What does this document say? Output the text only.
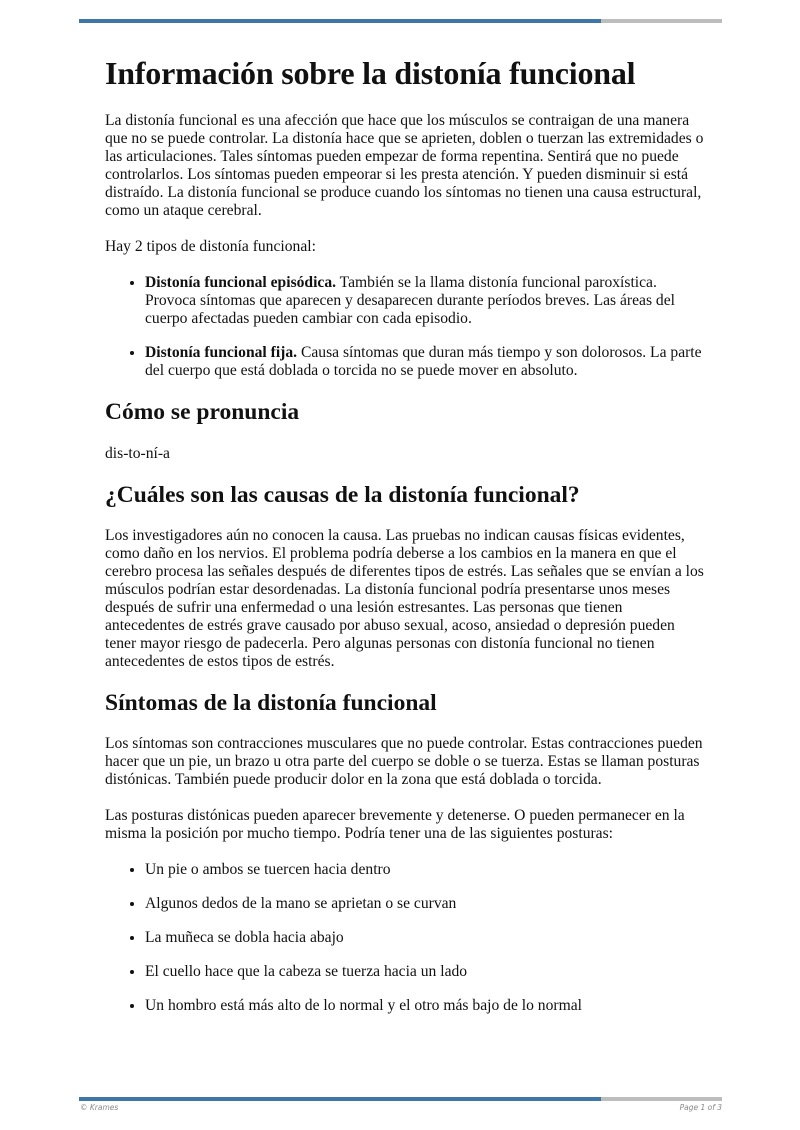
Información sobre la distonía funcional

La distonía funcional es una afección que hace que los músculos se contraigan de una manera que no se puede controlar. La distonía hace que se aprieten, doblen o tuerzan las extremidades o las articulaciones. Tales síntomas pueden empezar de forma repentina. Sentirá que no puede controlarlos. Los síntomas pueden empeorar si les presta atención. Y pueden disminuir si está distraído. La distonía funcional se produce cuando los síntomas no tienen una causa estructural, como un ataque cerebral.

Hay 2 tipos de distonía funcional:

• Distonía funcional episódica. También se la llama distonía funcional paroxística. Provoca síntomas que aparecen y desaparecen durante períodos breves. Las áreas del cuerpo afectadas pueden cambiar con cada episodio.
• Distonía funcional fija. Causa síntomas que duran más tiempo y son dolorosos. La parte del cuerpo que está doblada o torcida no se puede mover en absoluto.
Cómo se pronuncia

dis-to-ní-a

¿Cuáles son las causas de la distonía funcional?

Los investigadores aún no conocen la causa. Las pruebas no indican causas físicas evidentes, como daño en los nervios. El problema podría deberse a los cambios en la manera en que el cerebro procesa las señales después de diferentes tipos de estrés. Las señales que se envían a los músculos podrían estar desordenadas. La distonía funcional podría presentarse unos meses después de sufrir una enfermedad o una lesión estresantes. Las personas que tienen antecedentes de estrés grave causado por abuso sexual, acoso, ansiedad o depresión pueden tener mayor riesgo de padecerla. Pero algunas personas con distonía funcional no tienen antecedentes de estos tipos de estrés.

Síntomas de la distonía funcional

Los síntomas son contracciones musculares que no puede controlar. Estas contracciones pueden hacer que un pie, un brazo u otra parte del cuerpo se doble o se tuerza. Estas se llaman posturas distónicas. También puede producir dolor en la zona que está doblada o torcida.

Las posturas distónicas pueden aparecer brevemente y detenerse. O pueden permanecer en la misma la posición por mucho tiempo. Podría tener una de las siguientes posturas:

• Un pie o ambos se tuercen hacia dentro
• Algunos dedos de la mano se aprietan o se curvan
• La muñeca se dobla hacia abajo
• El cuello hace que la cabeza se tuerza hacia un lado
• Un hombro está más alto de lo normal y el otro más bajo de lo normal
© Krames	Page 1 of 3
